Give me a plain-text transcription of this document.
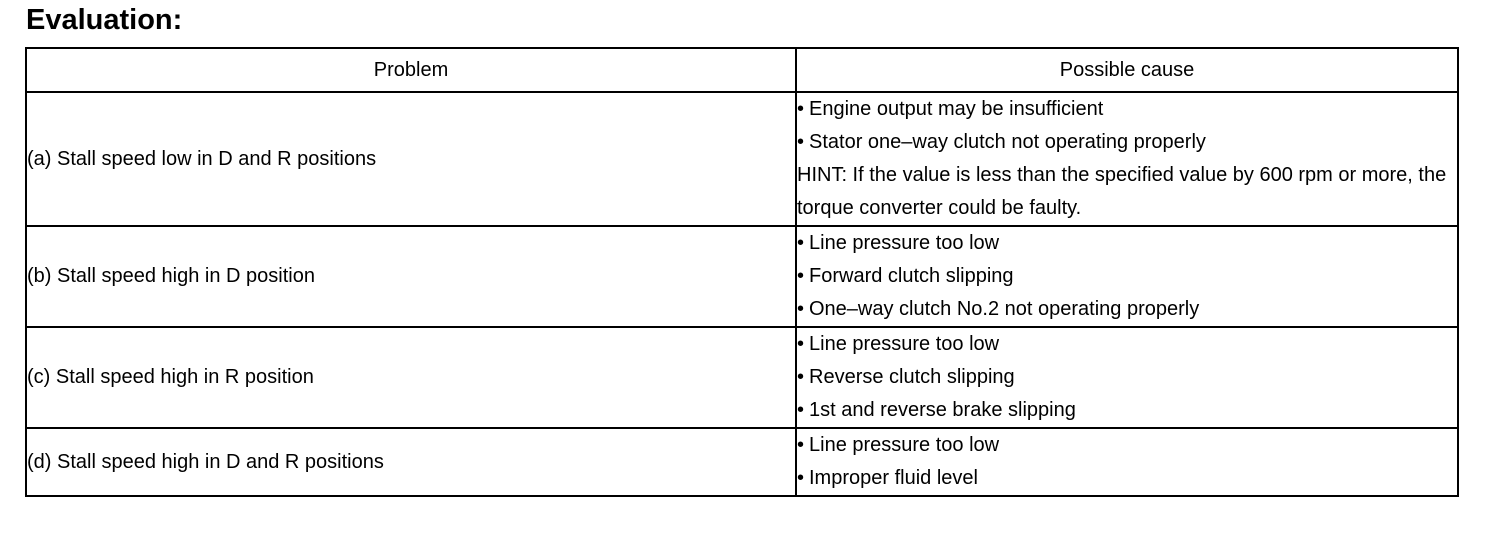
Evaluation:
Problem	Possible cause
(a) Stall speed low in D and R positions	• Engine output may be insufficient
• Stator one–way clutch not operating properly
HINT: If the value is less than the specified value by 600 rpm or more, the torque converter could be faulty.

(b) Stall speed high in D position	• Line pressure too low
• Forward clutch slipping
• One–way clutch No.2 not operating properly

(c) Stall speed high in R position	• Line pressure too low
• Reverse clutch slipping
• 1st and reverse brake slipping

(d) Stall speed high in D and R positions	• Line pressure too low
• Improper fluid level
